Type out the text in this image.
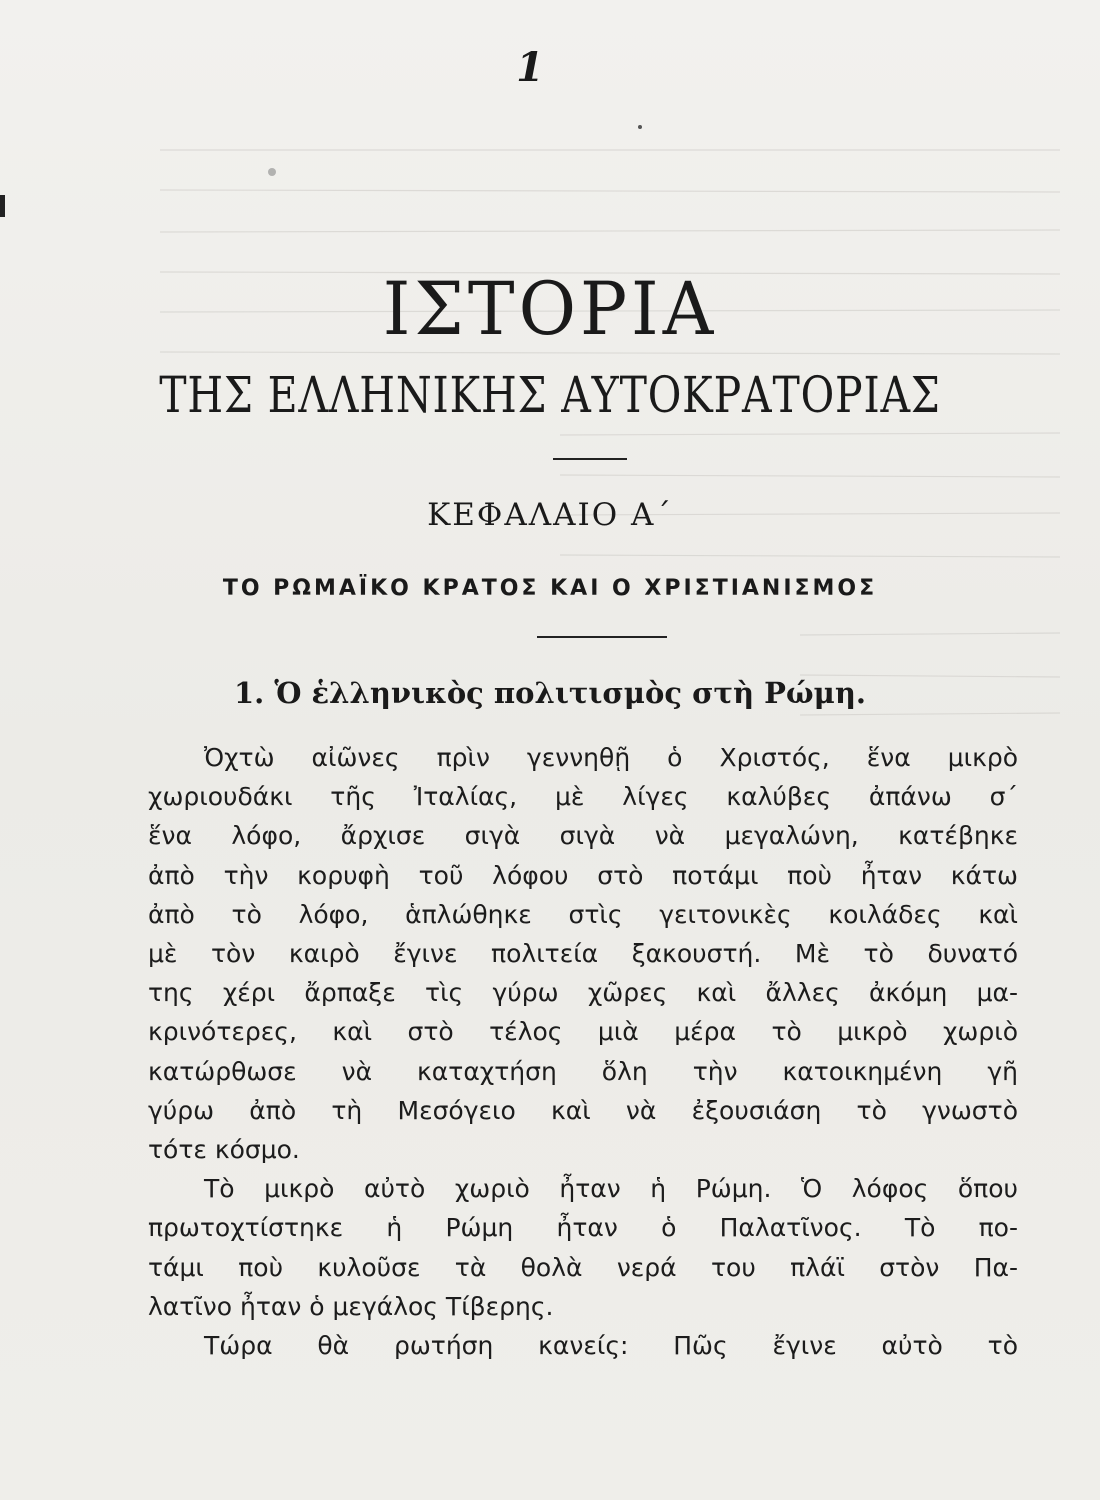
1
ΙΣΤΟΡΙΑ
ΤΗΣ ΕΛΛΗΝΙΚΗΣ ΑΥΤΟΚΡΑΤΟΡΙΑΣ
ΚΕΦΑΛΑΙΟ Α΄
ΤΟ ΡΩΜΑΪΚΟ ΚΡΑΤΟΣ ΚΑΙ Ο ΧΡΙΣΤΙΑΝΙΣΜΟΣ
1. Ὁ ἑλληνικὸς πολιτισμὸς στὴ Ρώμη.
Ὀχτὼ αἰῶνες πρὶν γεννηθῇ ὁ Χριστός, ἕνα μικρὸ
χωριουδάκι τῆς Ἰταλίας, μὲ λίγες καλύβες ἀπάνω σ΄
ἕνα λόφο, ἄρχισε σιγὰ σιγὰ νὰ μεγαλώνη, κατέβηκε
ἀπὸ τὴν κορυφὴ τοῦ λόφου στὸ ποτάμι ποὺ ἦταν κάτω
ἀπὸ τὸ λόφο, ἁπλώθηκε στὶς γειτονικὲς κοιλάδες καὶ
μὲ τὸν καιρὸ ἔγινε πολιτεία ξακουστή. Μὲ τὸ δυνατό
της χέρι ἄρπαξε τὶς γύρω χῶρες καὶ ἄλλες ἀκόμη μα-
κρινότερες, καὶ στὸ τέλος μιὰ μέρα τὸ μικρὸ χωριὸ
κατώρθωσε νὰ καταχτήση ὅλη τὴν κατοικημένη γῆ
γύρω ἀπὸ τὴ Μεσόγειο καὶ νὰ ἐξουσιάση τὸ γνωστὸ
τότε κόσμο.
Τὸ μικρὸ αὐτὸ χωριὸ ἦταν ἡ Ρώμη. Ὁ λόφος ὅπου
πρωτοχτίστηκε ἡ Ρώμη ἦταν ὁ Παλατῖνος. Τὸ πο-
τάμι ποὺ κυλοῦσε τὰ θολὰ νερά του πλάϊ στὸν Πα-
λατῖνο ἦταν ὁ μεγάλος Τίβερης.
Τώρα θὰ ρωτήση κανείς: Πῶς ἔγινε αὐτὸ τὸ
